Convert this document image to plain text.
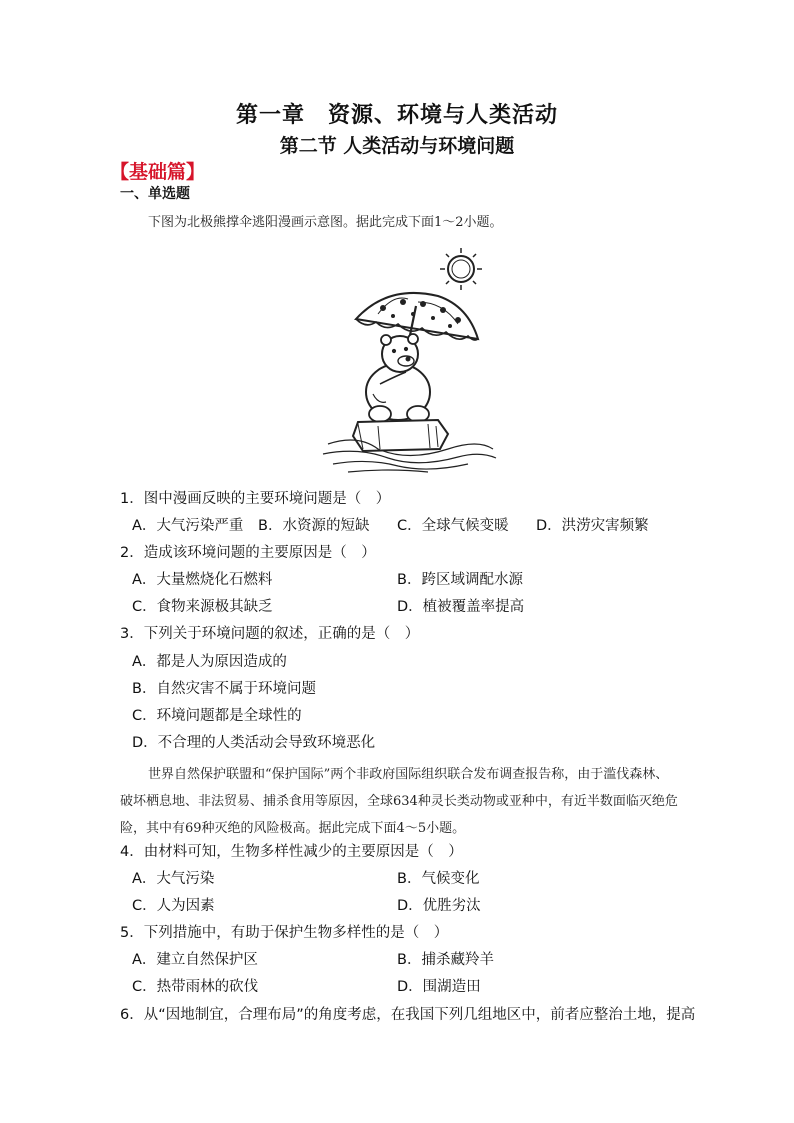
第一章　资源、环境与人类活动
第二节 人类活动与环境问题
【基础篇】
一、单选题
下图为北极熊撑伞逃阳漫画示意图。据此完成下面1～2小题。
1．图中漫画反映的主要环境问题是（　）
A．大气污染严重 B．水资源的短缺 C．全球气候变暖 D．洪涝灾害频繁
2．造成该环境问题的主要原因是（　）
A．大量燃烧化石燃料	B．跨区域调配水源
C．食物来源极其缺乏	D．植被覆盖率提高
3．下列关于环境问题的叙述，正确的是（　）
A．都是人为原因造成的
B．自然灾害不属于环境问题
C．环境问题都是全球性的
D．不合理的人类活动会导致环境恶化
世界自然保护联盟和“保护国际”两个非政府国际组织联合发布调查报告称，由于滥伐森林、破坏栖息地、非法贸易、捕杀食用等原因，全球634种灵长类动物或亚种中，有近半数面临灭绝危险，其中有69种灭绝的风险极高。据此完成下面4～5小题。
4．由材料可知，生物多样性减少的主要原因是（　）
A．大气污染	B．气候变化
C．人为因素	D．优胜劣汰
5．下列措施中，有助于保护生物多样性的是（　）
A．建立自然保护区	B．捕杀藏羚羊
C．热带雨林的砍伐	D．围湖造田
6．从“因地制宜，合理布局”的角度考虑，在我国下列几组地区中，前者应整治土地，提高
